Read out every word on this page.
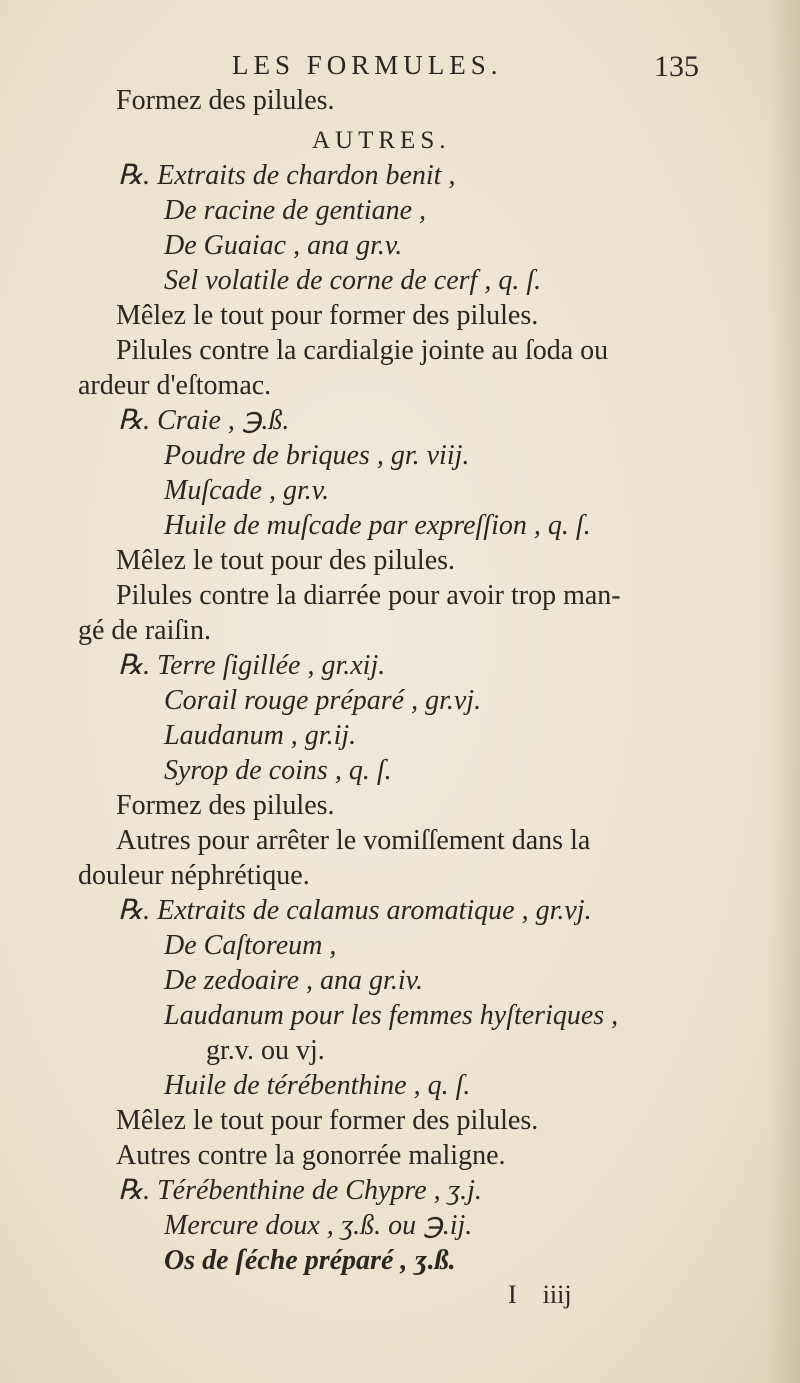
LES FORMULES.	135
Formez des pilules.
AUTRES.
℞. Extraits de chardon benit ,
De racine de gentiane ,
De Guaiac , ana gr.v.
Sel volatile de corne de cerf , q. ſ.
Mêlez le tout pour former des pilules.
Pilules contre la cardialgie jointe au ſoda ou
ardeur d'eſtomac.
℞. Craie , ℈.ß.
Poudre de briques , gr. viij.
Muſcade , gr.v.
Huile de muſcade par expreſſion , q. ſ.
Mêlez le tout pour des pilules.
Pilules contre la diarrée pour avoir trop man-
gé de raiſin.
℞. Terre ſigillée , gr.xij.
Corail rouge préparé , gr.vj.
Laudanum , gr.ij.
Syrop de coins , q. ſ.
Formez des pilules.
Autres pour arrêter le vomiſſement dans la
douleur néphrétique.
℞. Extraits de calamus aromatique , gr.vj.
De Caſtoreum ,
De zedoaire , ana gr.iv.
Laudanum pour les femmes hyſteriques ,
gr.v. ou vj.
Huile de térébenthine , q. ſ.
Mêlez le tout pour former des pilules.
Autres contre la gonorrée maligne.
℞. Térébenthine de Chypre , ʒ.j.
Mercure doux , ʒ.ß. ou ℈.ij.
Os de ſéche préparé , ʒ.ß.
I iiij
